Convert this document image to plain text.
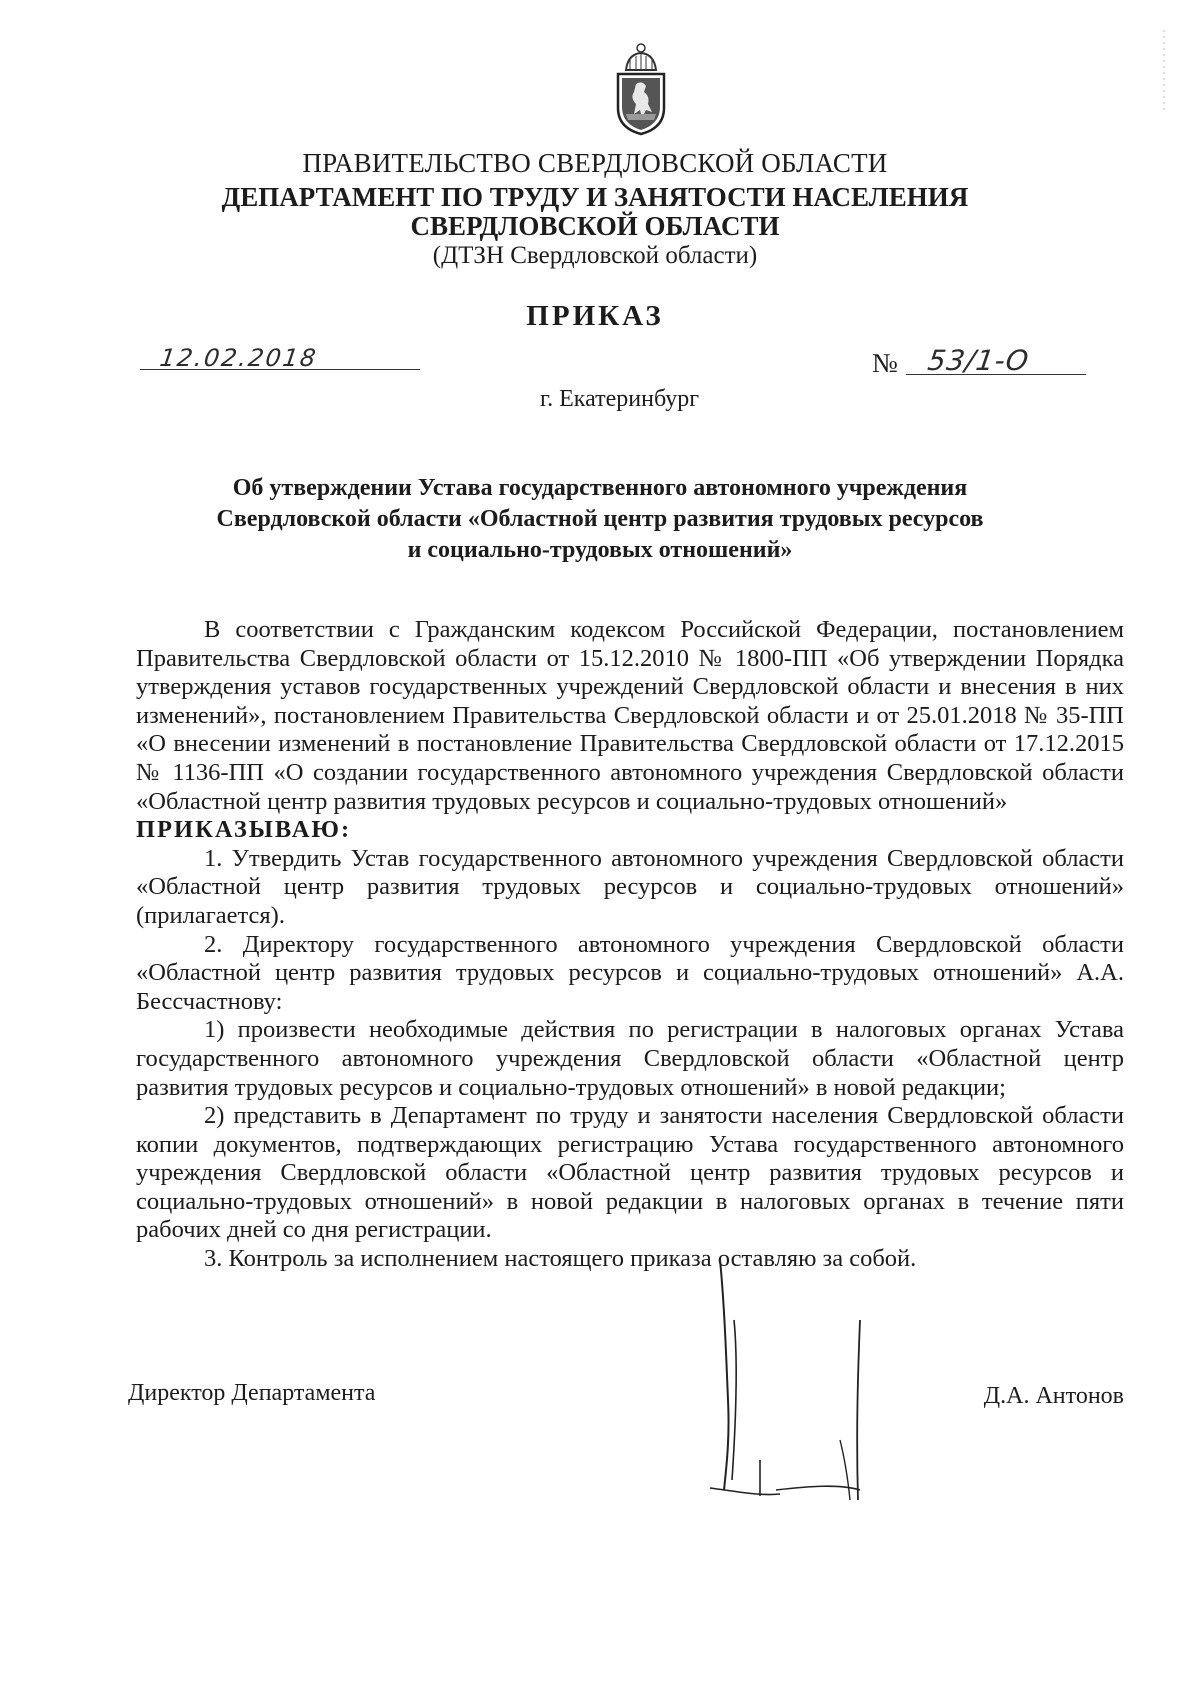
ПРАВИТЕЛЬСТВО СВЕРДЛОВСКОЙ ОБЛАСТИ
ДЕПАРТАМЕНТ ПО ТРУДУ И ЗАНЯТОСТИ НАСЕЛЕНИЯ
СВЕРДЛОВСКОЙ ОБЛАСТИ
(ДТЗН Свердловской области)
ПРИКАЗ
12.02.2018	№ 53/1-О
г. Екатеринбург
Об утверждении Устава государственного автономного учреждения
Свердловской области «Областной центр развития трудовых ресурсов
и социально-трудовых отношений»

В соответствии с Гражданским кодексом Российской Федерации, постановлением Правительства Свердловской области от 15.12.2010 № 1800-ПП «Об утверждении Порядка утверждения уставов государственных учреждений Свердловской области и внесения в них изменений», постановлением Правительства Свердловской области и от 25.01.2018 № 35-ПП «О внесении изменений в постановление Правительства Свердловской области от 17.12.2015 № 1136-ПП «О создании государственного автономного учреждения Свердловской области «Областной центр развития трудовых ресурсов и социально-трудовых отношений»

ПРИКАЗЫВАЮ:

1. Утвердить Устав государственного автономного учреждения Свердловской области «Областной центр развития трудовых ресурсов и социально-трудовых отношений» (прилагается).

2. Директору государственного автономного учреждения Свердловской области «Областной центр развития трудовых ресурсов и социально-трудовых отношений» А.А. Бессчастнову:

1) произвести необходимые действия по регистрации в налоговых органах Устава государственного автономного учреждения Свердловской области «Областной центр развития трудовых ресурсов и социально-трудовых отношений» в новой редакции;

2) представить в Департамент по труду и занятости населения Свердловской области копии документов, подтверждающих регистрацию Устава государственного автономного учреждения Свердловской области «Областной центр развития трудовых ресурсов и социально-трудовых отношений» в новой редакции в налоговых органах в течение пяти рабочих дней со дня регистрации.

3. Контроль за исполнением настоящего приказа оставляю за собой.

Директор Департамента	Д.А. Антонов
